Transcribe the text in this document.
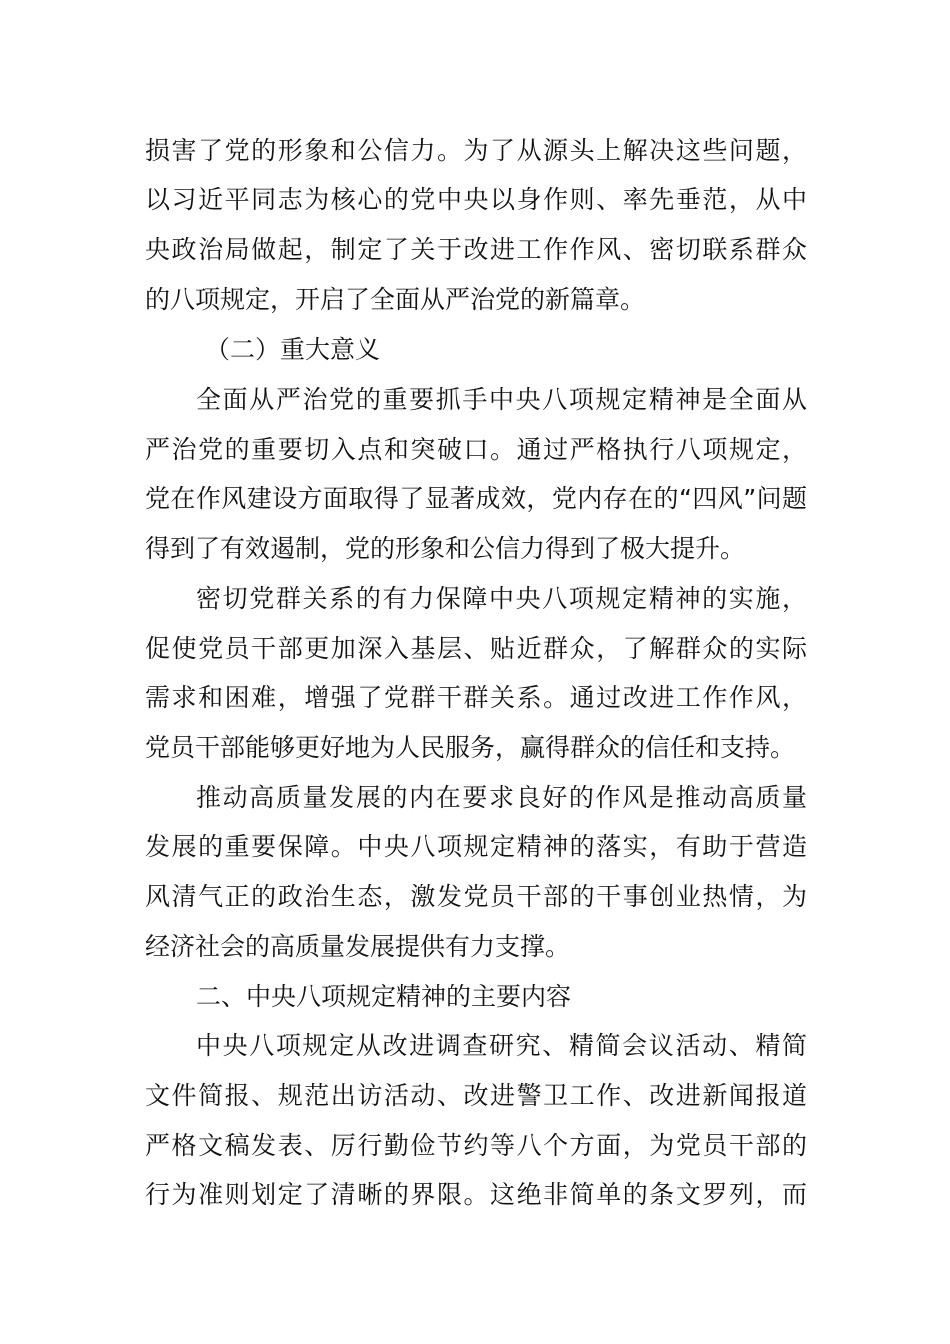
损害了党的形象和公信力。为了从源头上解决这些问题，
以习近平同志为核心的党中央以身作则、率先垂范，从中
央政治局做起，制定了关于改进工作作风、密切联系群众
的八项规定，开启了全面从严治党的新篇章。
（二）重大意义
全面从严治党的重要抓手中央八项规定精神是全面从
严治党的重要切入点和突破口。通过严格执行八项规定，
党在作风建设方面取得了显著成效，党内存在的“四风”问题
得到了有效遏制，党的形象和公信力得到了极大提升。
密切党群关系的有力保障中央八项规定精神的实施，
促使党员干部更加深入基层、贴近群众，了解群众的实际
需求和困难，增强了党群干群关系。通过改进工作作风，
党员干部能够更好地为人民服务，赢得群众的信任和支持。
推动高质量发展的内在要求良好的作风是推动高质量
发展的重要保障。中央八项规定精神的落实，有助于营造
风清气正的政治生态，激发党员干部的干事创业热情，为
经济社会的高质量发展提供有力支撑。
二、中央八项规定精神的主要内容
中央八项规定从改进调查研究、精简会议活动、精简
文件简报、规范出访活动、改进警卫工作、改进新闻报道
严格文稿发表、厉行勤俭节约等八个方面，为党员干部的
行为准则划定了清晰的界限。这绝非简单的条文罗列，而
